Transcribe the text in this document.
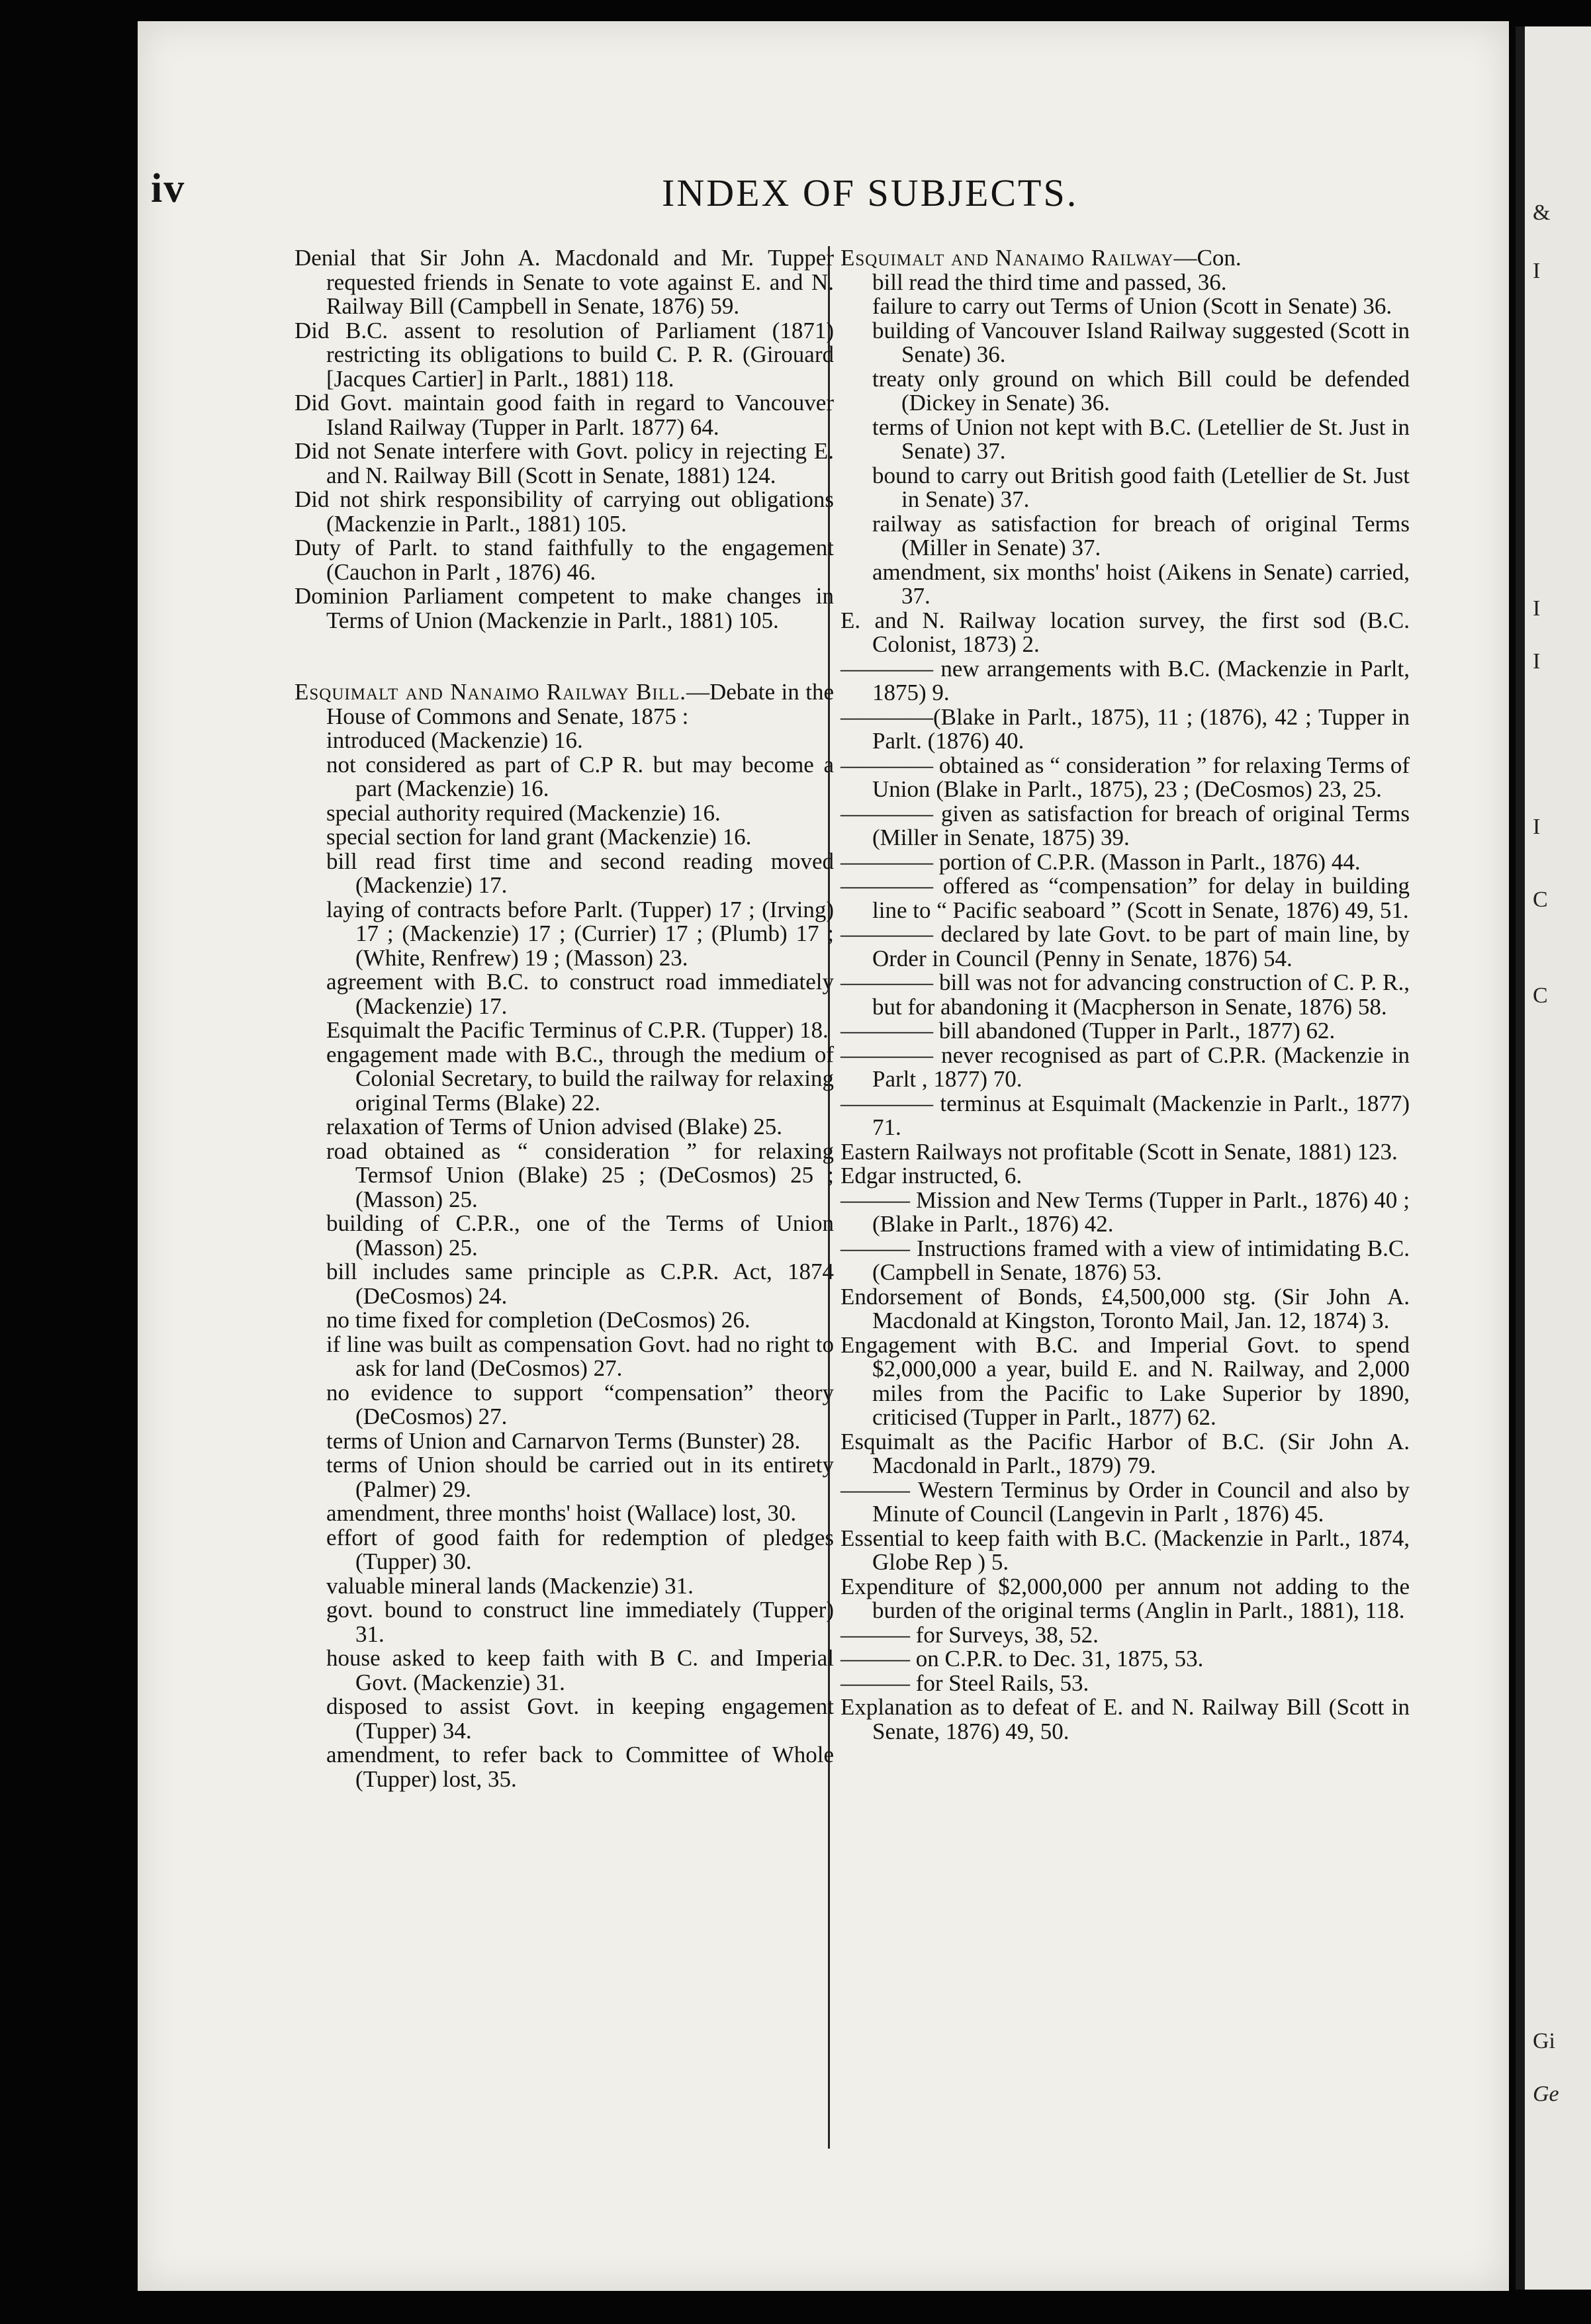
&
I
I
I
I
C
C
Gi
Ge
iv	INDEX OF SUBJECTS.

Denial that Sir John A. Macdonald and Mr. Tupper requested friends in Senate to vote against E. and N. Railway Bill (Campbell in Senate, 1876) 59.

Did B.C. assent to resolution of Parliament (1871) restricting its obligations to build C. P. R. (Girouard [Jacques Cartier] in Parlt., 1881) 118.

Did Govt. maintain good faith in regard to Vancouver Island Railway (Tupper in Parlt. 1877) 64.

Did not Senate interfere with Govt. policy in rejecting E. and N. Railway Bill (Scott in Senate, 1881) 124.

Did not shirk responsibility of carrying out obligations (Mackenzie in Parlt., 1881) 105.

Duty of Parlt. to stand faithfully to the engagement (Cauchon in Parlt , 1876) 46.

Dominion Parliament competent to make changes in Terms of Union (Mackenzie in Parlt., 1881) 105.

Esquimalt and Nanaimo Railway Bill.—Debate in the House of Commons and Senate, 1875 :

introduced (Mackenzie) 16.

not considered as part of C.P R. but may become a part (Mackenzie) 16.

special authority required (Mackenzie) 16.

special section for land grant (Mackenzie) 16.

bill read first time and second reading moved (Mackenzie) 17.

laying of contracts before Parlt. (Tupper) 17 ; (Irving) 17 ; (Mackenzie) 17 ; (Currier) 17 ; (Plumb) 17 ; (White, Renfrew) 19 ; (Masson) 23.

agreement with B.C. to construct road immediately (Mackenzie) 17.

Esquimalt the Pacific Terminus of C.P.R. (Tupper) 18.

engagement made with B.C., through the medium of Colonial Secretary, to build the railway for relaxing original Terms (Blake) 22.

relaxation of Terms of Union advised (Blake) 25.

road obtained as “ consideration ” for relaxing Termsof Union (Blake) 25 ; (DeCosmos) 25 ; (Masson) 25.

building of C.P.R., one of the Terms of Union (Masson) 25.

bill includes same principle as C.P.R. Act, 1874 (DeCosmos) 24.

no time fixed for completion (DeCosmos) 26.

if line was built as compensation Govt. had no right to ask for land (DeCosmos) 27.

no evidence to support “compensation” theory (DeCosmos) 27.

terms of Union and Carnarvon Terms (Bunster) 28.

terms of Union should be carried out in its entirety (Palmer) 29.

amendment, three months' hoist (Wallace) lost, 30.

effort of good faith for redemption of pledges (Tupper) 30.

valuable mineral lands (Mackenzie) 31.

govt. bound to construct line immediately (Tupper) 31.

house asked to keep faith with B C. and Imperial Govt. (Mackenzie) 31.

disposed to assist Govt. in keeping engagement (Tupper) 34.

amendment, to refer back to Committee of Whole (Tupper) lost, 35.

Esquimalt and Nanaimo Railway—Con.

bill read the third time and passed, 36.

failure to carry out Terms of Union (Scott in Senate) 36.

building of Vancouver Island Railway suggested (Scott in Senate) 36.

treaty only ground on which Bill could be defended (Dickey in Senate) 36.

terms of Union not kept with B.C. (Letellier de St. Just in Senate) 37.

bound to carry out British good faith (Letellier de St. Just in Senate) 37.

railway as satisfaction for breach of original Terms (Miller in Senate) 37.

amendment, six months' hoist (Aikens in Senate) carried, 37.

E. and N. Railway location survey, the first sod (B.C. Colonist, 1873) 2.

———— new arrangements with B.C. (Mackenzie in Parlt, 1875) 9.

————(Blake in Parlt., 1875), 11 ; (1876), 42 ; Tupper in Parlt. (1876) 40.

———— obtained as “ consideration ” for relaxing Terms of Union (Blake in Parlt., 1875), 23 ; (DeCosmos) 23, 25.

———— given as satisfaction for breach of original Terms (Miller in Senate, 1875) 39.

———— portion of C.P.R. (Masson in Parlt., 1876) 44.

———— offered as “compensation” for delay in building line to “ Pacific seaboard ” (Scott in Senate, 1876) 49, 51.

———— declared by late Govt. to be part of main line, by Order in Council (Penny in Senate, 1876) 54.

———— bill was not for advancing construction of C. P. R., but for abandoning it (Macpherson in Senate, 1876) 58.

———— bill abandoned (Tupper in Parlt., 1877) 62.

———— never recognised as part of C.P.R. (Mackenzie in Parlt , 1877) 70.

———— terminus at Esquimalt (Mackenzie in Parlt., 1877) 71.

Eastern Railways not profitable (Scott in Senate, 1881) 123.

Edgar instructed, 6.

——— Mission and New Terms (Tupper in Parlt., 1876) 40 ; (Blake in Parlt., 1876) 42.

——— Instructions framed with a view of intimidating B.C. (Campbell in Senate, 1876) 53.

Endorsement of Bonds, £4,500,000 stg. (Sir John A. Macdonald at Kingston, Toronto Mail, Jan. 12, 1874) 3.

Engagement with B.C. and Imperial Govt. to spend $2,000,000 a year, build E. and N. Railway, and 2,000 miles from the Pacific to Lake Superior by 1890, criticised (Tupper in Parlt., 1877) 62.

Esquimalt as the Pacific Harbor of B.C. (Sir John A. Macdonald in Parlt., 1879) 79.

——— Western Terminus by Order in Council and also by Minute of Council (Langevin in Parlt , 1876) 45.

Essential to keep faith with B.C. (Mackenzie in Parlt., 1874, Globe Rep ) 5.

Expenditure of $2,000,000 per annum not adding to the burden of the original terms (Anglin in Parlt., 1881), 118.

——— for Surveys, 38, 52.

——— on C.P.R. to Dec. 31, 1875, 53.

——— for Steel Rails, 53.

Explanation as to defeat of E. and N. Railway Bill (Scott in Senate, 1876) 49, 50.
